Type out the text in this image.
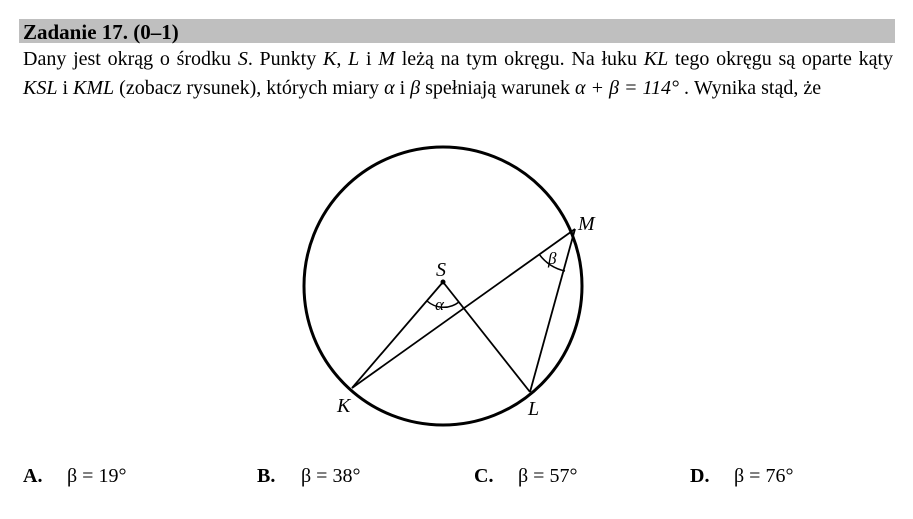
Zadanie 17. (0–1)
Dany jest okrąg o środku S. Punkty K, L i M leżą na tym okręgu. Na łuku KL tego okręgu są oparte kąty KSL i KML (zobacz rysunek), których miary α i β spełniają warunek α + β = 114° . Wynika stąd, że
S
K	L
M
α
β
A. β = 19°	B. β = 38°	C. β = 57°	D. β = 76°
